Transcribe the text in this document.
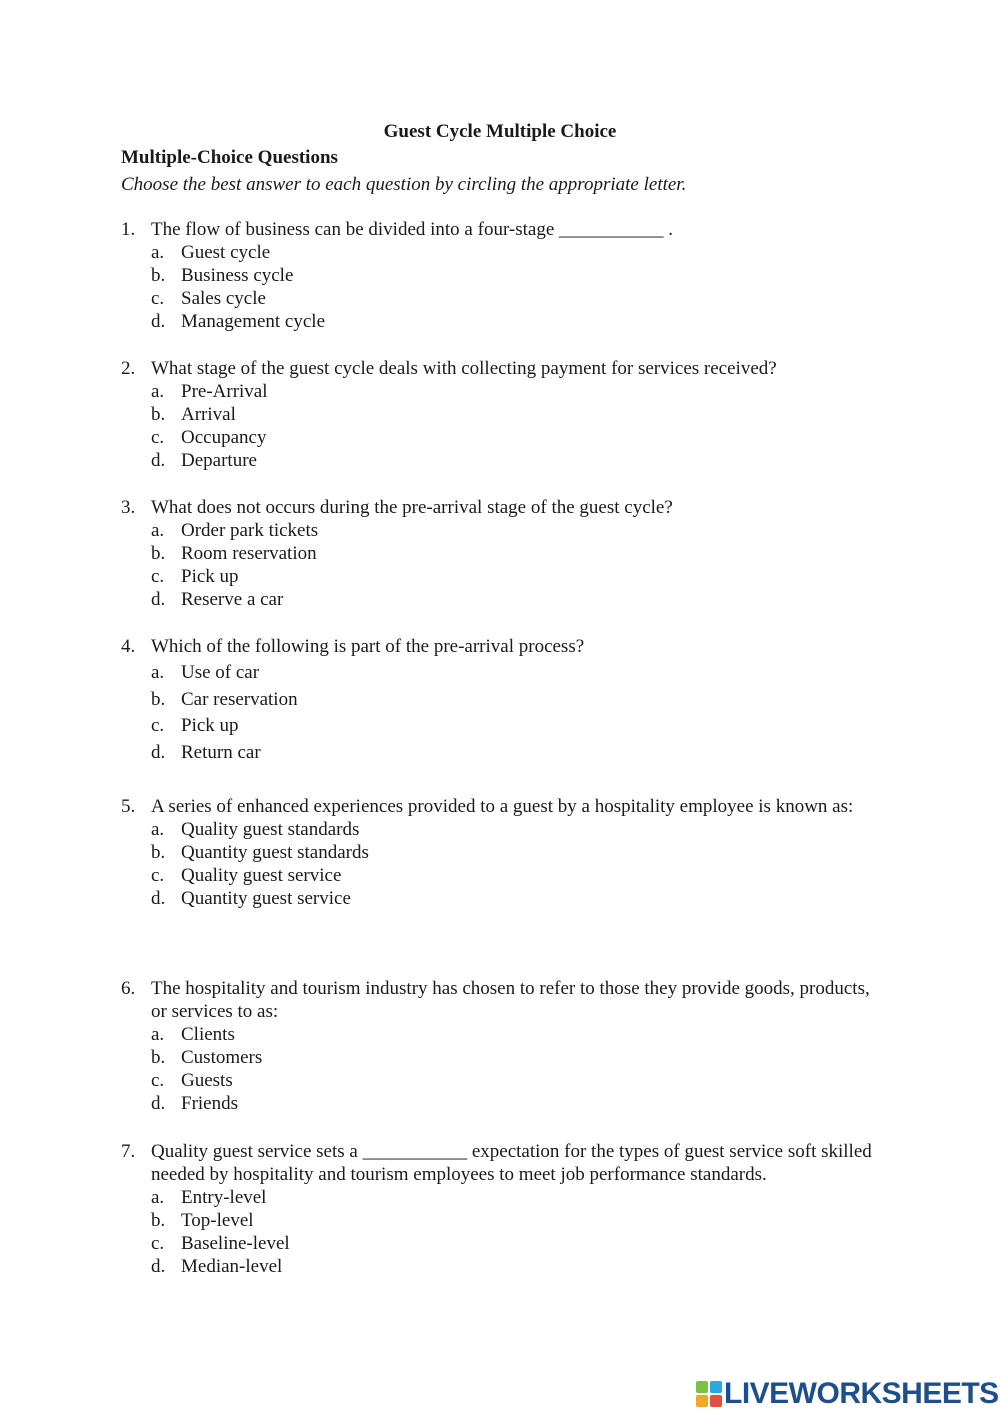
Guest Cycle Multiple Choice
Multiple-Choice Questions
Choose the best answer to each question by circling the appropriate letter.
1. The flow of business can be divided into a four-stage ___________ .
a. Guest cycle
b. Business cycle
c. Sales cycle
d. Management cycle
2. What stage of the guest cycle deals with collecting payment for services received?
a. Pre-Arrival
b. Arrival
c. Occupancy
d. Departure
3. What does not occurs during the pre-arrival stage of the guest cycle?
a. Order park tickets
b. Room reservation
c. Pick up
d. Reserve a car
4. Which of the following is part of the pre-arrival process?
a. Use of car
b. Car reservation
c. Pick up
d. Return car
5. A series of enhanced experiences provided to a guest by a hospitality employee is known as:
a. Quality guest standards
b. Quantity guest standards
c. Quality guest service
d. Quantity guest service
6. The hospitality and tourism industry has chosen to refer to those they provide goods, products, or services to as:
a. Clients
b. Customers
c. Guests
d. Friends
7. Quality guest service sets a ___________ expectation for the types of guest service soft skilled needed by hospitality and tourism employees to meet job performance standards.
a. Entry-level
b. Top-level
c. Baseline-level
d. Median-level
LIVEWORKSHEETS
